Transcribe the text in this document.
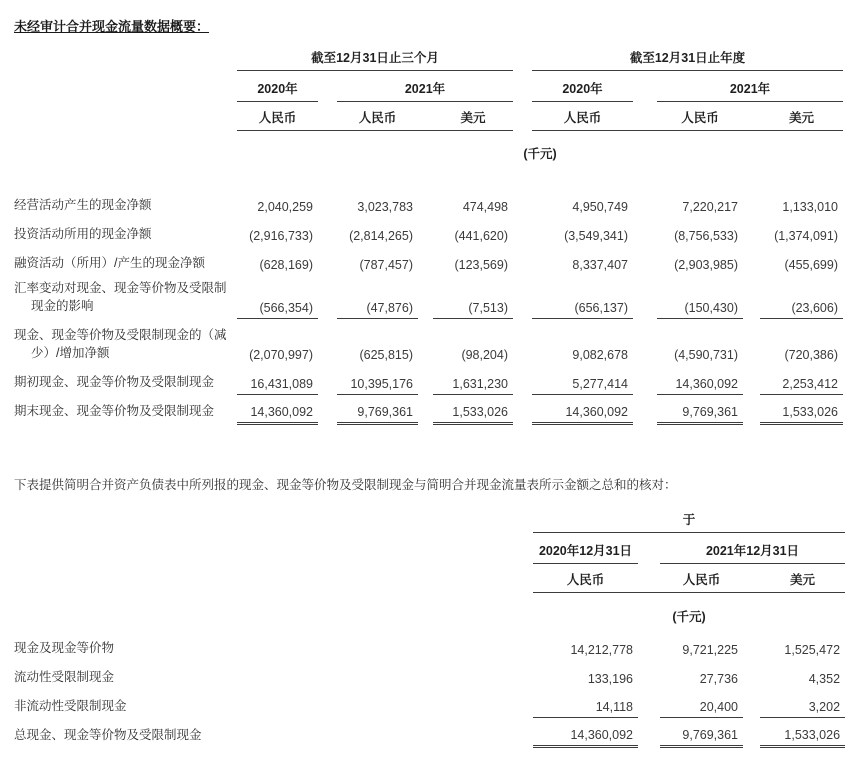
未经审计合并现金流量数据概要：
	截至12月31日止三个月						截至12月31日止年度				
	2020年		2021年				2020年		2021年		
	人民币		人民币		美元		人民币		人民币		美元

	(千元)										

经营活动产生的现金净额	2,040,259		3,023,783		474,498		4,950,749		7,220,217		1,133,010
投资活动所用的现金净额	(2,916,733)		(2,814,265)		(441,620)		(3,549,341)		(8,756,533)		(1,374,091)
融资活动（所用）/产生的现金净额	(628,169)		(787,457)		(123,569)		8,337,407		(2,903,985)		(455,699)
汇率变动对现金、现金等价物及受限制现金的影响	(566,354)		(47,876)		(7,513)		(656,137)		(150,430)		(23,606)
现金、现金等价物及受限制现金的（减少）/增加净额	(2,070,997)		(625,815)		(98,204)		9,082,678		(4,590,731)		(720,386)
期初现金、现金等价物及受限制现金	16,431,089		10,395,176		1,631,230		5,277,414		14,360,092		2,253,412
期末现金、现金等价物及受限制现金	14,360,092		9,769,361		1,533,026		14,360,092		9,769,361		1,533,026
下表提供简明合并资产负债表中所列报的现金、现金等价物及受限制现金与简明合并现金流量表所示金额之总和的核对：
	于				
	2020年12月31日		2021年12月31日		
	人民币		人民币		美元

	(千元)				

现金及现金等价物	14,212,778		9,721,225		1,525,472
流动性受限制现金	133,196		27,736		4,352
非流动性受限制现金	14,118		20,400		3,202
总现金、现金等价物及受限制现金	14,360,092		9,769,361		1,533,026
